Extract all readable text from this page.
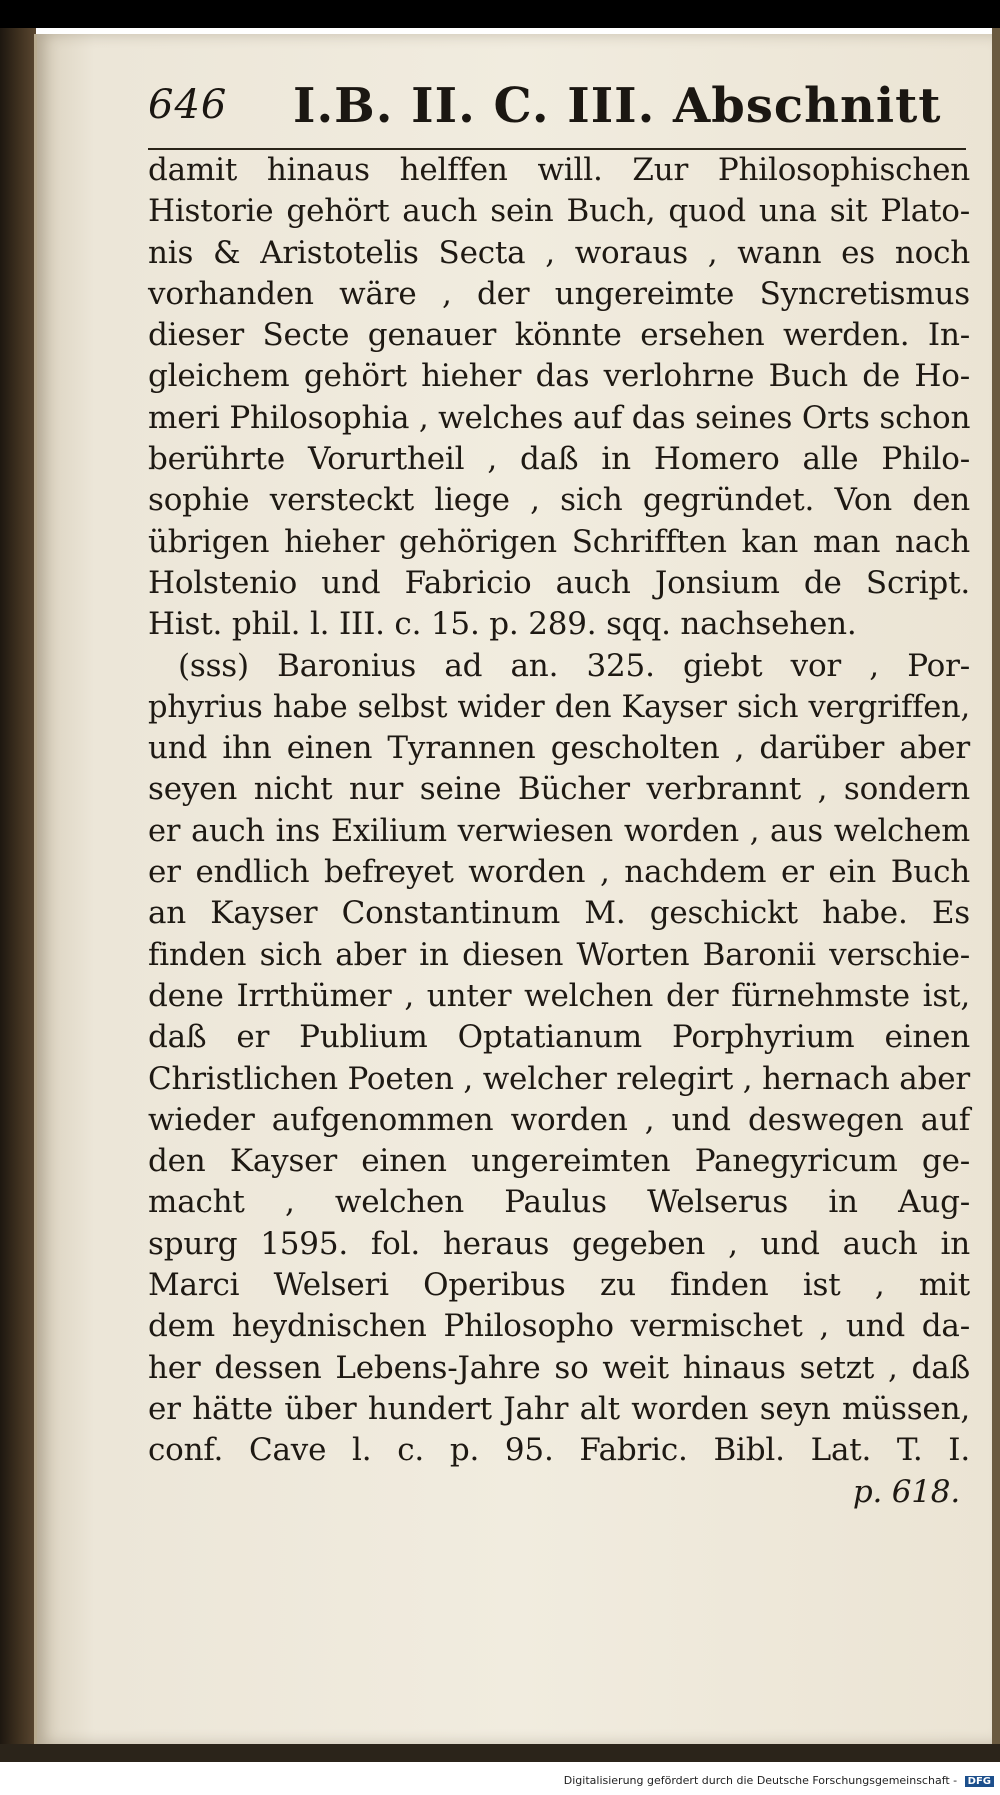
646 I.B. II. C. III. Abschnitt
damit hinaus helffen will. Zur Philosophischen
Historie gehört auch sein Buch, quod una sit Plato-
nis & Aristotelis Secta , woraus , wann es noch
vorhanden wäre , der ungereimte Syncretismus
dieser Secte genauer könnte ersehen werden. In-
gleichem gehört hieher das verlohrne Buch de Ho-
meri Philosophia , welches auf das seines Orts schon
berührte Vorurtheil , daß in Homero alle Philo-
sophie versteckt liege , sich gegründet. Von den
übrigen hieher gehörigen Schrifften kan man nach
Holstenio und Fabricio auch Jonsium de Script.
Hist. phil. l. III. c. 15. p. 289. sqq. nachsehen.
(sss) Baronius ad an. 325. giebt vor , Por-
phyrius habe selbst wider den Kayser sich vergriffen,
und ihn einen Tyrannen gescholten , darüber aber
seyen nicht nur seine Bücher verbrannt , sondern
er auch ins Exilium verwiesen worden , aus welchem
er endlich befreyet worden , nachdem er ein Buch
an Kayser Constantinum M. geschickt habe. Es
finden sich aber in diesen Worten Baronii verschie-
dene Irrthümer , unter welchen der fürnehmste ist,
daß er Publium Optatianum Porphyrium einen
Christlichen Poeten , welcher relegirt , hernach aber
wieder aufgenommen worden , und deswegen auf
den Kayser einen ungereimten Panegyricum ge-
macht , welchen Paulus Welserus in Aug-
spurg 1595. fol. heraus gegeben , und auch in
Marci Welseri Operibus zu finden ist , mit
dem heydnischen Philosopho vermischet , und da-
her dessen Lebens-Jahre so weit hinaus setzt , daß
er hätte über hundert Jahr alt worden seyn müssen,
conf. Cave l. c. p. 95. Fabric. Bibl. Lat. T. I.
p. 618.
Digitalisierung gefördert durch die Deutsche Forschungsgemeinschaft - DFG
